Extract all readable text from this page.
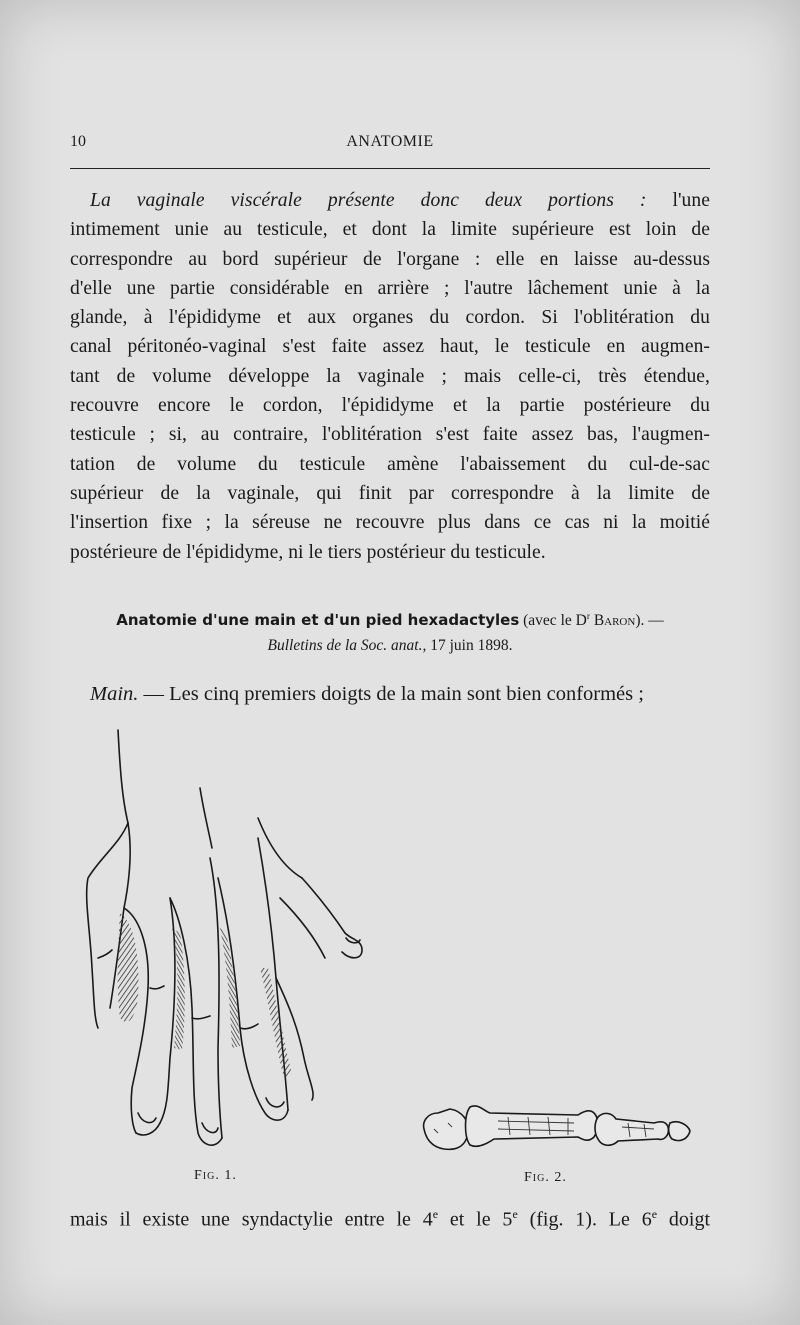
10	ANATOMIE
La vaginale viscérale présente donc deux portions : l'une
intimement unie au testicule, et dont la limite supérieure est loin de
correspondre au bord supérieur de l'organe : elle en laisse au-dessus
d'elle une partie considérable en arrière ; l'autre lâchement unie à la
glande, à l'épididyme et aux organes du cordon. Si l'oblitération du
canal péritonéo-vaginal s'est faite assez haut, le testicule en augmen-
tant de volume développe la vaginale ; mais celle-ci, très étendue,
recouvre encore le cordon, l'épididyme et la partie postérieure du
testicule ; si, au contraire, l'oblitération s'est faite assez bas, l'augmen-
tation de volume du testicule amène l'abaissement du cul-de-sac
supérieur de la vaginale, qui finit par correspondre à la limite de
l'insertion fixe ; la séreuse ne recouvre plus dans ce cas ni la moitié
postérieure de l'épididyme, ni le tiers postérieur du testicule.
Anatomie d'une main et d'un pied hexadactyles (avec le $D^r$ Baron). —
Bulletins de la Soc. anat., 17 juin 1898.
Main. — Les cinq premiers doigts de la main sont bien conformés ;
Fig. 1.	Fig. 2.
mais il existe une syndactylie entre le 4e et le 5e (fig. 1). Le 6e doigt
